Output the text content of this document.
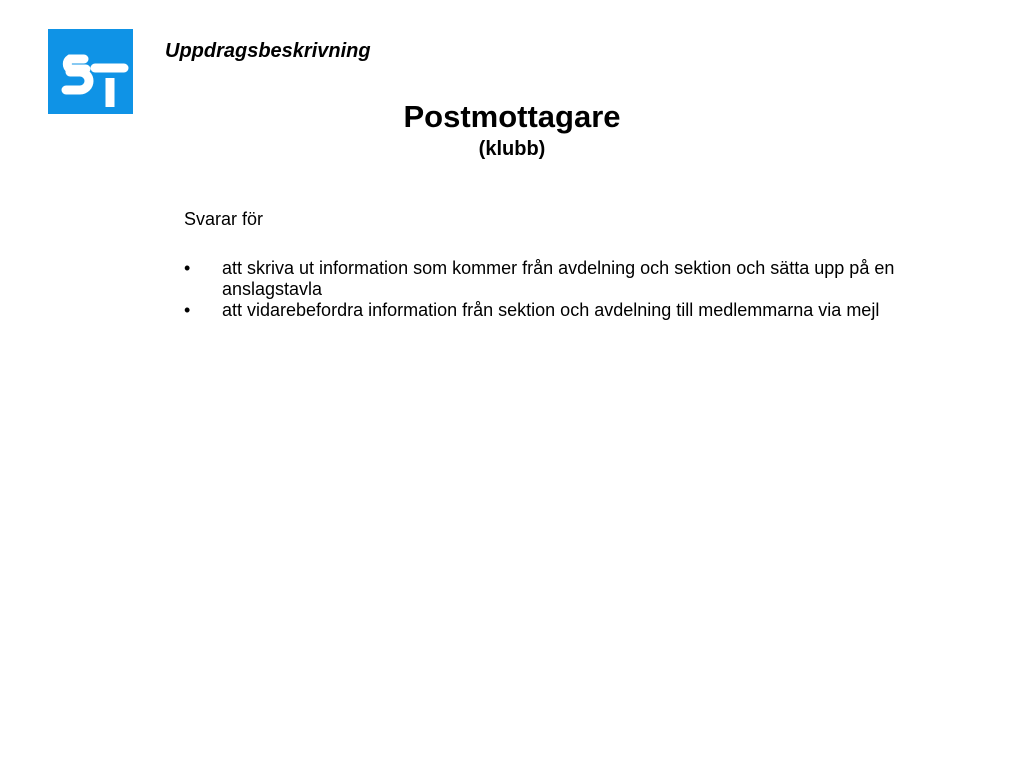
Uppdragsbeskrivning
Postmottagare
(klubb)
Svarar för
• att skriva ut information som kommer från avdelning och sektion och sätta upp på en anslagstavla
• att vidarebefordra information från sektion och avdelning till medlemmarna via mejl
